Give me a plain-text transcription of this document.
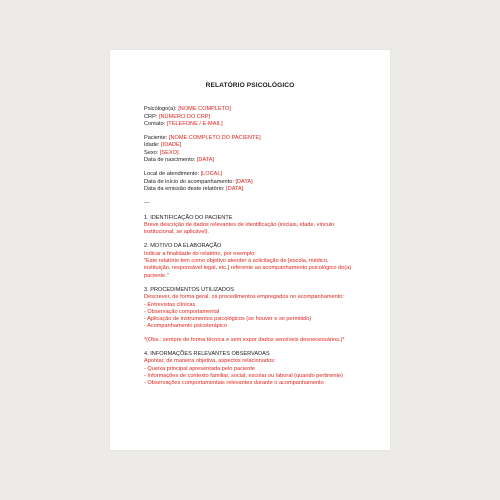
RELATÓRIO PSICOLÓGICO
Psicólogo(a): [NOME COMPLETO]
CRP: [NÚMERO DO CRP]
Contato: [TELEFONE / E-MAIL]
Paciente: [NOME COMPLETO DO PACIENTE]
Idade: [IDADE]
Sexo: [SEXO]
Data de nascimento: [DATA]
Local de atendimento: [LOCAL]
Data de início do acompanhamento: [DATA]
Data da emissão deste relatório: [DATA]
---
1. IDENTIFICAÇÃO DO PACIENTE
Breve descrição de dados relevantes de identificação (iniciais, idade, vínculo institucional, se aplicável).
2. MOTIVO DA ELABORAÇÃO
Indicar a finalidade do relatório, por exemplo:
"Este relatório tem como objetivo atender à solicitação de [escola, médico, instituição, responsável legal, etc.] referente ao acompanhamento psicológico do(a) paciente."
3. PROCEDIMENTOS UTILIZADOS
Descrever, de forma geral, os procedimentos empregados no acompanhamento:
- Entrevistas clínicas
- Observação comportamental
- Aplicação de instrumentos psicológicos (se houver e se permitido)
- Acompanhamento psicoterápico
*(Obs.: sempre de forma técnica e sem expor dados sensíveis desnecessários.)*
4. INFORMAÇÕES RELEVANTES OBSERVADAS
Apontar, de maneira objetiva, aspectos relacionados:
- Queixa principal apresentada pelo paciente
- Informações de contexto familiar, social, escolar ou laboral (quando pertinente)
- Observações comportamentais relevantes durante o acompanhamento
